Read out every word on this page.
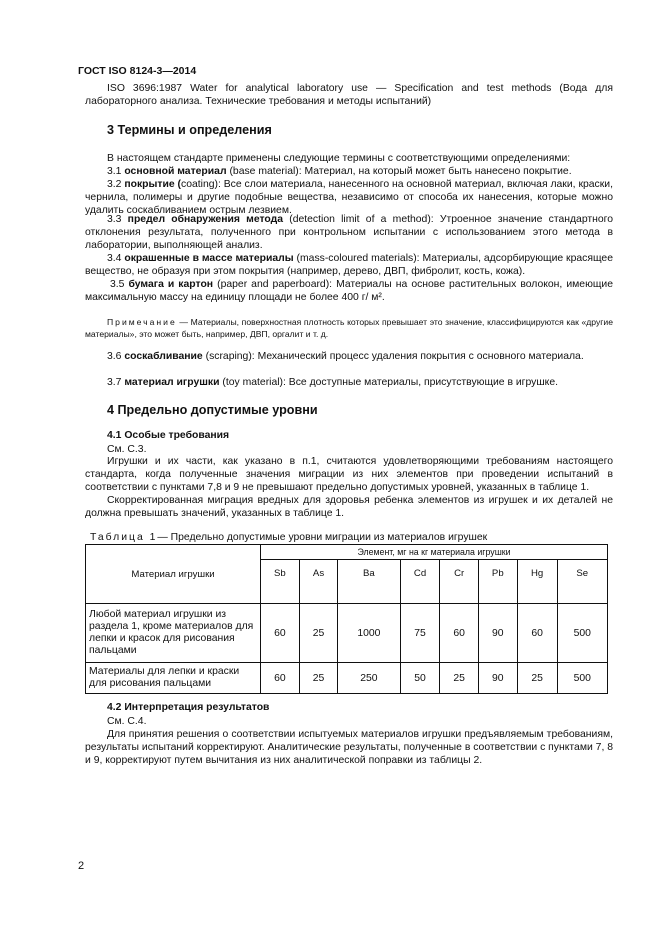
ГОСТ ISO 8124-3—2014
ISO 3696:1987 Water for analytical laboratory use — Specification and test methods (Вода для лабораторного анализа. Технические требования и методы испытаний)
3 Термины и определения
В настоящем стандарте применены следующие термины с соответствующими определениями:
3.1 основной материал (base material): Материал, на который может быть нанесено покрытие.
3.2 покрытие (coating): Все слои материала, нанесенного на основной материал, включая лаки, краски, чернила, полимеры и другие подобные вещества, независимо от способа их нанесения, которые можно удалить соскабливанием острым лезвием.
3.3 предел обнаружения метода (detection limit of a method): Утроенное значение стандартного отклонения результата, полученного при контрольном испытании с использованием этого метода в лаборатории, выполняющей анализ.
3.4 окрашенные в массе материалы (mass-coloured materials): Материалы, адсорбирующие красящее вещество, не образуя при этом покрытия (например, дерево, ДВП, фибролит, кость, кожа).
3.5 бумага и картон (paper and paperboard): Материалы на основе растительных волокон, имеющие максимальную массу на единицу площади не более 400 г/ м².
Примечание — Материалы, поверхностная плотность которых превышает это значение, классифицируются как «другие материалы», это может быть, например, ДВП, оргалит и т. д.
3.6 соскабливание (scraping): Механический процесс удаления покрытия с основного материала.
3.7 материал игрушки (toy material): Все доступные материалы, присутствующие в игрушке.
4 Предельно допустимые уровни
4.1 Особые требования
См. С.3.
Игрушки и их части, как указано в п.1, считаются удовлетворяющими требованиям настоящего стандарта, когда полученные значения миграции из них элементов при проведении испытаний в соответствии с пунктами 7,8 и 9 не превышают предельно допустимых уровней, указанных в таблице 1.
Скорректированная миграция вредных для здоровья ребенка элементов из игрушек и их деталей не должна превышать значений, указанных в таблице 1.
Таблица 1— Предельно допустимые уровни миграции из материалов игрушек
Материал игрушки	Элемент, мг на кг материала игрушки							
	Sb	As	Ba	Cd	Cr	Pb	Hg	Se
Любой материал игрушки из раздела 1, кроме материалов для лепки и красок для рисования пальцами	60	25	1000	75	60	90	60	500
Материалы для лепки и краски для рисования пальцами	60	25	250	50	25	90	25	500
4.2 Интерпретация результатов
См. С.4.
Для принятия решения о соответствии испытуемых материалов игрушки предъявляемым требованиям, результаты испытаний корректируют. Аналитические результаты, полученные в соответствии с пунктами 7, 8 и 9, корректируют путем вычитания из них аналитической поправки из таблицы 2.
2
